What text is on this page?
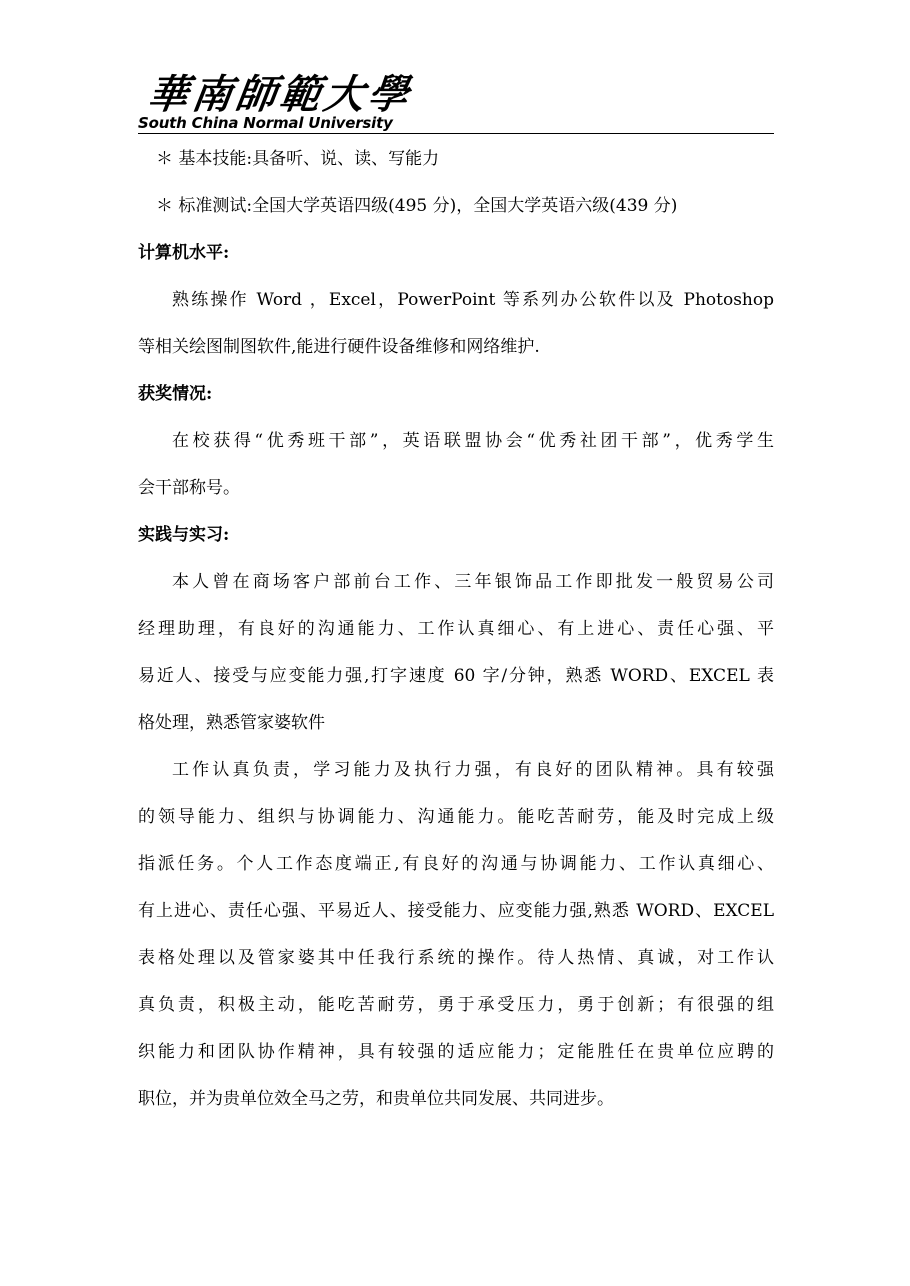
華南師範大學
South China Normal University
＊ 基本技能:具备听、说、读、写能力
＊ 标准测试:全国大学英语四级(495 分)，全国大学英语六级(439 分)
计算机水平:
熟练操作 Word ，Excel，PowerPoint 等系列办公软件以及 Photoshop
等相关绘图制图软件,能进行硬件设备维修和网络维护.
获奖情况:
在校获得“优秀班干部”，英语联盟协会“优秀社团干部”，优秀学生
会干部称号。
实践与实习:
本人曾在商场客户部前台工作、三年银饰品工作即批发一般贸易公司
经理助理，有良好的沟通能力、工作认真细心、有上进心、责任心强、平
易近人、接受与应变能力强,打字速度 60 字/分钟，熟悉 WORD、EXCEL 表
格处理，熟悉管家婆软件
工作认真负责，学习能力及执行力强，有良好的团队精神。具有较强
的领导能力、组织与协调能力、沟通能力。能吃苦耐劳，能及时完成上级
指派任务。个人工作态度端正,有良好的沟通与协调能力、工作认真细心、
有上进心、责任心强、平易近人、接受能力、应变能力强,熟悉 WORD、EXCEL
表格处理以及管家婆其中任我行系统的操作。待人热情、真诚，对工作认
真负责，积极主动，能吃苦耐劳，勇于承受压力，勇于创新；有很强的组
织能力和团队协作精神，具有较强的适应能力；定能胜任在贵单位应聘的
职位，并为贵单位效全马之劳，和贵单位共同发展、共同进步。
